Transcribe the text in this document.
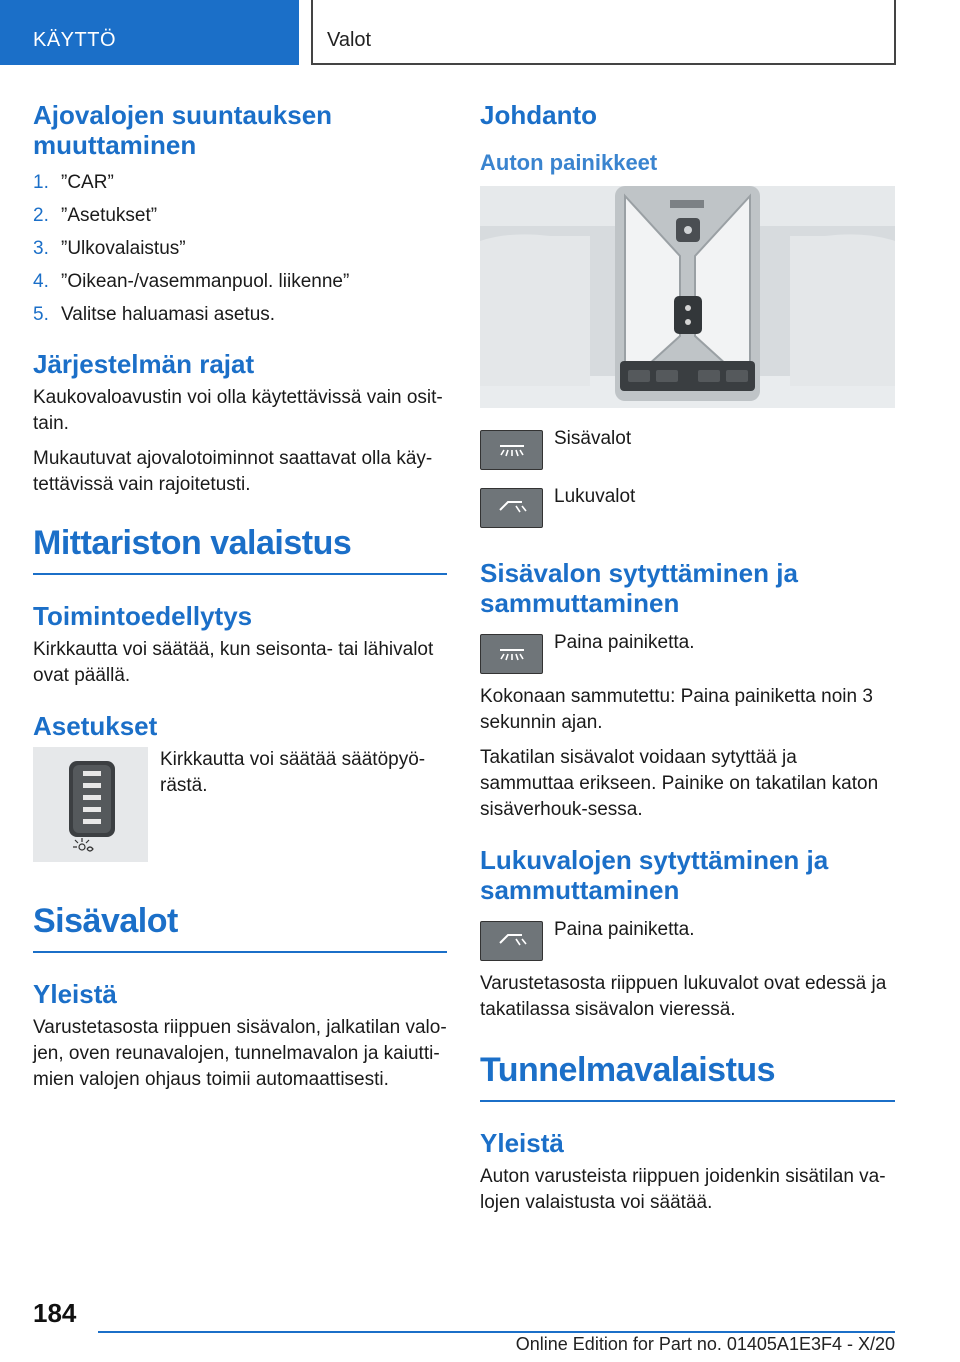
KÄYTTÖ	Valot
Ajovalojen suuntauksen muuttaminen
1. ”CAR”
2. ”Asetukset”
3. ”Ulkovalaistus”
4. ”Oikean-/vasemmanpuol. liikenne”
5. Valitse haluamasi asetus.
Järjestelmän rajat

Kaukovaloavustin voi olla käytettävissä vain osit-tain.

Mukautuvat ajovalotoiminnot saattavat olla käy-tettävissä vain rajoitetusti.

Mittariston valaistus
Toimintoedellytys

Kirkkautta voi säätää, kun seisonta- tai lähivalot ovat päällä.

Asetukset

Kirkkautta voi säätää säätöpyö-rästä.

Sisävalot
Yleistä

Varustetasosta riippuen sisävalon, jalkatilan valo-jen, oven reunavalojen, tunnelmavalon ja kaiutti-mien valojen ohjaus toimii automaattisesti.

Johdanto
Auton painikkeet

Sisävalot

Lukuvalot

Sisävalon sytyttäminen ja sammuttaminen

Paina painiketta.

Kokonaan sammutettu: Paina painiketta noin 3 sekunnin ajan.

Takatilan sisävalot voidaan sytyttää ja sammuttaa erikseen. Painike on takatilan katon sisäverhouk-sessa.

Lukuvalojen sytyttäminen ja sammuttaminen

Paina painiketta.

Varustetasosta riippuen lukuvalot ovat edessä ja takatilassa sisävalon vieressä.

Tunnelmavalaistus
Yleistä

Auton varusteista riippuen joidenkin sisätilan va-lojen valaistusta voi säätää.

184
Online Edition for Part no. 01405A1E3F4 - X/20
